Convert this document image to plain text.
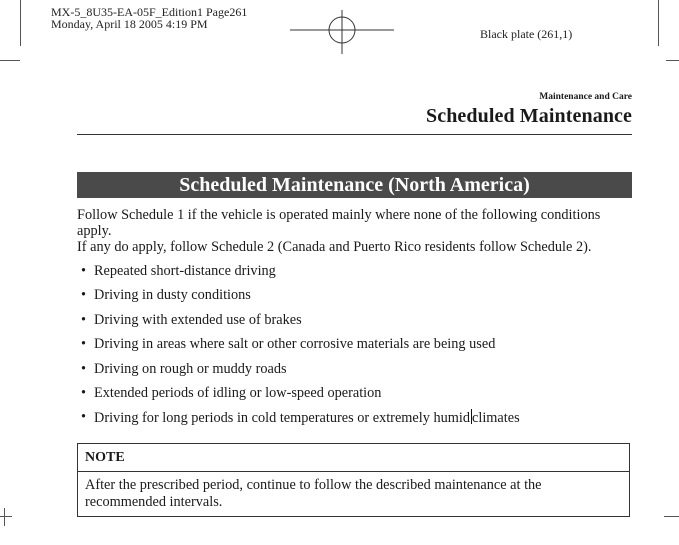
MX-5_8U35-EA-05F_Edition1 Page261
Monday, April 18 2005 4:19 PM
Black plate (261,1)
Maintenance and Care
Scheduled Maintenance
Scheduled Maintenance (North America)
Follow Schedule 1 if the vehicle is operated mainly where none of the following conditions
apply.
If any do apply, follow Schedule 2 (Canada and Puerto Rico residents follow Schedule 2).
• Repeated short-distance driving
• Driving in dusty conditions
• Driving with extended use of brakes
• Driving in areas where salt or other corrosive materials are being used
• Driving on rough or muddy roads
• Extended periods of idling or low-speed operation
• Driving for long periods in cold temperatures or extremely humid climates
NOTE
After the prescribed period, continue to follow the described maintenance at the
recommended intervals.
